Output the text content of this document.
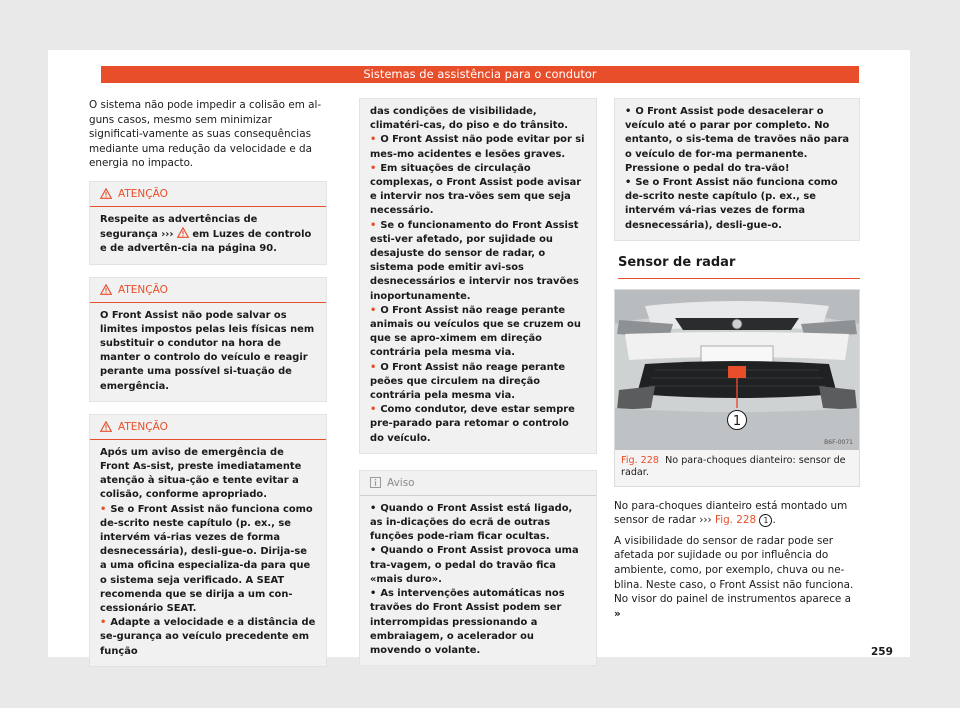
Sistemas de assistência para o condutor

O sistema não pode impedir a colisão em al-guns casos, mesmo sem minimizar significati-vamente as suas consequências mediante uma redução da velocidade e da energia no impacto.

ATENÇÃO

Respeite as advertências de segurança ››› em Luzes de controlo e de advertên-cia na página 90.

ATENÇÃO

O Front Assist não pode salvar os limites impostos pelas leis físicas nem substituir o condutor na hora de manter o controlo do veículo e reagir perante uma possível si-tuação de emergência.

ATENÇÃO

Após um aviso de emergência de Front As-sist, preste imediatamente atenção à situa-ção e tente evitar a colisão, conforme apropriado.

• Se o Front Assist não funciona como de-scrito neste capítulo (p. ex., se intervém vá-rias vezes de forma desnecessária), desli-gue-o. Dirija-se a uma oficina especializa-da para que o sistema seja verificado. A SEAT recomenda que se dirija a um con-cessionário SEAT.

• Adapte a velocidade e a distância de se-gurança ao veículo precedente em função

das condições de visibilidade, climatéri-cas, do piso e do trânsito.

• O Front Assist não pode evitar por si mes-mo acidentes e lesões graves.

• Em situações de circulação complexas, o Front Assist pode avisar e intervir nos tra-vões sem que seja necessário.

• Se o funcionamento do Front Assist esti-ver afetado, por sujidade ou desajuste do sensor de radar, o sistema pode emitir avi-sos desnecessários e intervir nos travões inoportunamente.

• O Front Assist não reage perante animais ou veículos que se cruzem ou que se apro-ximem em direção contrária pela mesma via.

• O Front Assist não reage perante peões que circulem na direção contrária pela mesma via.

• Como condutor, deve estar sempre pre-parado para retomar o controlo do veículo.

Aviso

• Quando o Front Assist está ligado, as in-dicações do ecrã de outras funções pode-riam ficar ocultas.

• Quando o Front Assist provoca uma tra-vagem, o pedal do travão fica «mais duro».

• As intervenções automáticas nos travões do Front Assist podem ser interrompidas pressionando a embraiagem, o acelerador ou movendo o volante.

• O Front Assist pode desacelerar o veículo até o parar por completo. No entanto, o sis-tema de travões não para o veículo de for-ma permanente. Pressione o pedal do tra-vão!

• Se o Front Assist não funciona como de-scrito neste capítulo (p. ex., se intervém vá-rias vezes de forma desnecessária), desli-gue-o.

Sensor de radar
1
B6F-0071
Fig. 228 No para-choques dianteiro: sensor de radar.

No para-choques dianteiro está montado um sensor de radar ››› Fig. 228 1 .

A visibilidade do sensor de radar pode ser afetada por sujidade ou por influência do ambiente, como, por exemplo, chuva ou ne-blina. Neste caso, o Front Assist não funciona. No visor do painel de instrumentos aparece a »

259
